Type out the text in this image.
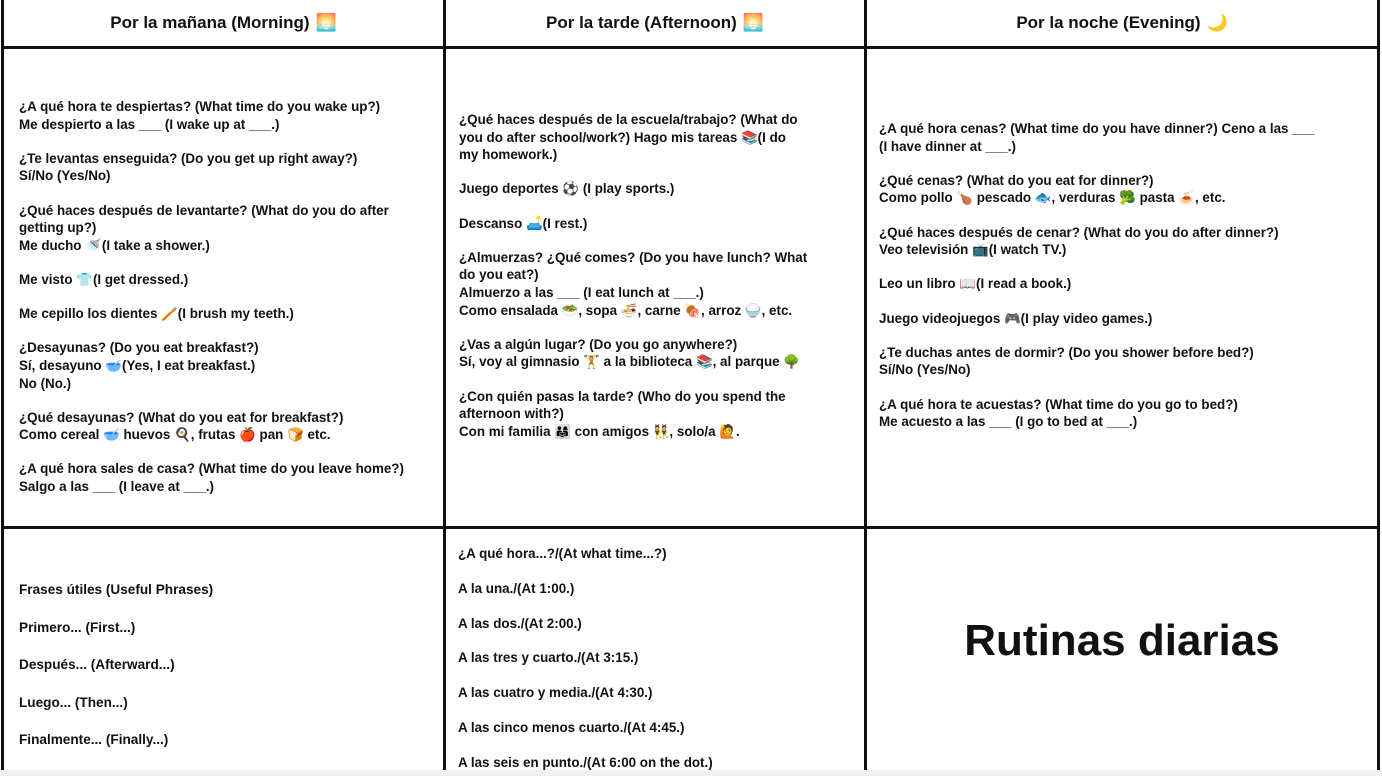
Por la mañana (Morning) 🌅	Por la tarde (Afternoon) 🌅	Por la noche (Evening) 🌙
¿A qué hora te despiertas? (What time do you wake up?)
Me despierto a las ___ (I wake up at ___.)
¿Te levantas enseguida? (Do you get up right away?)
Sí/No (Yes/No)
¿Qué haces después de levantarte? (What do you do after
getting up?)
Me ducho 🚿(I take a shower.)
Me visto 👕(I get dressed.)
Me cepillo los dientes 🪥(I brush my teeth.)
¿Desayunas? (Do you eat breakfast?)
Sí, desayuno 🥣(Yes, I eat breakfast.)
No (No.)
¿Qué desayunas? (What do you eat for breakfast?)
Como cereal 🥣 huevos 🍳, frutas 🍎 pan 🍞 etc.
¿A qué hora sales de casa? (What time do you leave home?)
Salgo a las ___ (I leave at ___.)
¿Qué haces después de la escuela/trabajo? (What do
you do after school/work?) Hago mis tareas 📚(I do
my homework.)
Juego deportes ⚽ (I play sports.)
Descanso 🛋️(I rest.)
¿Almuerzas? ¿Qué comes? (Do you have lunch? What
do you eat?)
Almuerzo a las ___ (I eat lunch at ___.)
Como ensalada 🥗, sopa 🍜, carne 🍖, arroz 🍚, etc.
¿Vas a algún lugar? (Do you go anywhere?)
Sí, voy al gimnasio 🏋️ a la biblioteca 📚, al parque 🌳
¿Con quién pasas la tarde? (Who do you spend the
afternoon with?)
Con mi familia 👨‍👩‍👧 con amigos 👯, solo/a 🙋.
¿A qué hora cenas? (What time do you have dinner?) Ceno a las ___
(I have dinner at ___.)
¿Qué cenas? (What do you eat for dinner?)
Como pollo 🍗 pescado 🐟, verduras 🥦 pasta 🍝, etc.
¿Qué haces después de cenar? (What do you do after dinner?)
Veo televisión 📺(I watch TV.)
Leo un libro 📖(I read a book.)
Juego videojuegos 🎮(I play video games.)
¿Te duchas antes de dormir? (Do you shower before bed?)
Sí/No (Yes/No)
¿A qué hora te acuestas? (What time do you go to bed?)
Me acuesto a las ___ (I go to bed at ___.)
Frases útiles (Useful Phrases)
Primero... (First...)
Después... (Afterward...)
Luego... (Then...)
Finalmente... (Finally...)
¿A qué hora...?/(At what time...?)
A la una./(At 1:00.)
A las dos./(At 2:00.)
A las tres y cuarto./(At 3:15.)
A las cuatro y media./(At 4:30.)
A las cinco menos cuarto./(At 4:45.)
A las seis en punto./(At 6:00 on the dot.)
Rutinas diarias
